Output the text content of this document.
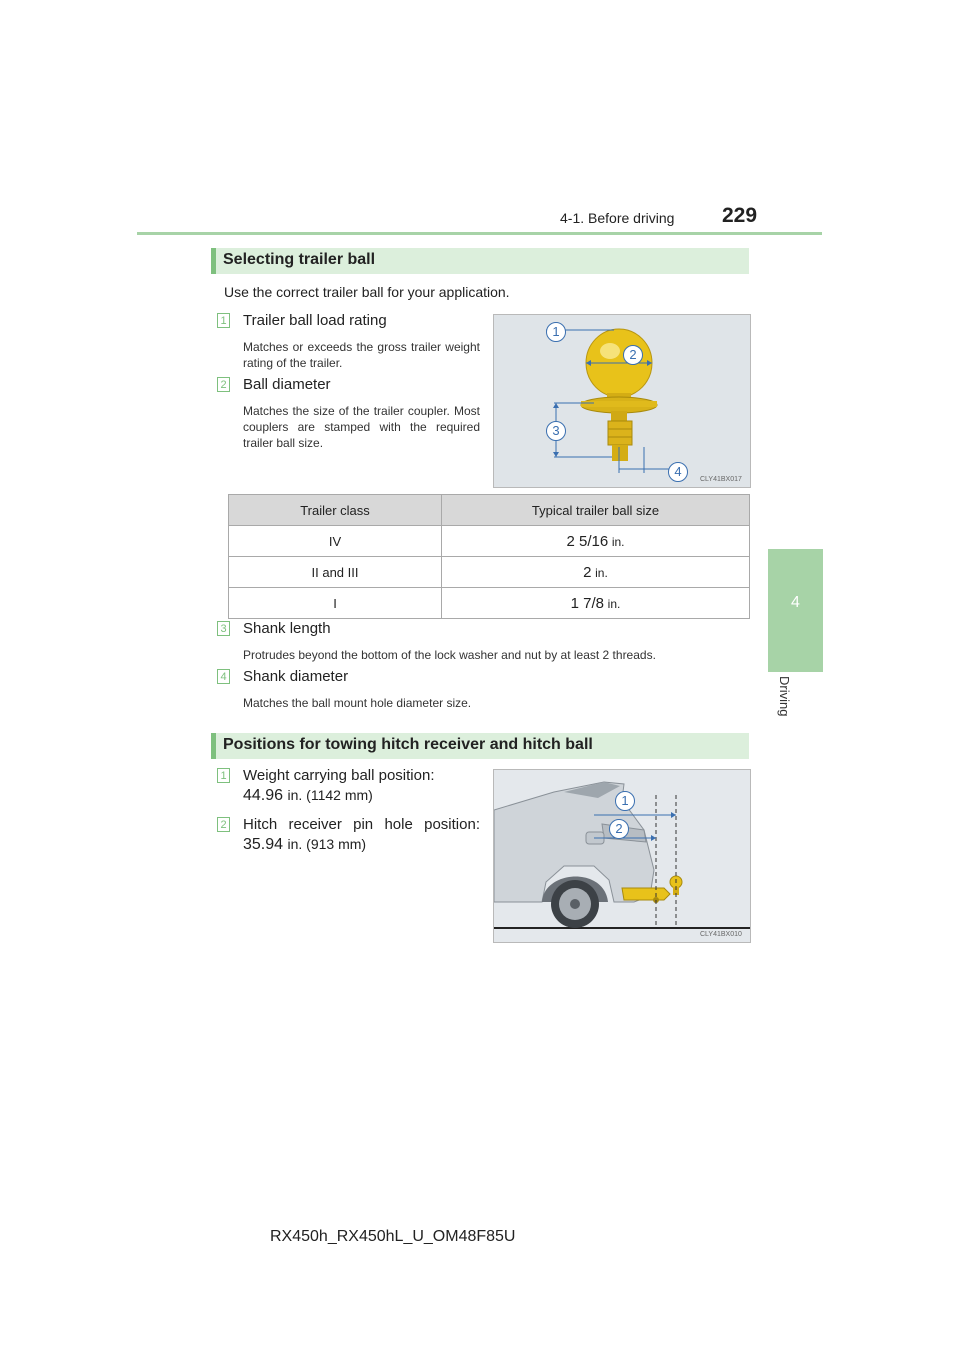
4-1. Before driving 229
4
Driving
Selecting trailer ball
Use the correct trailer ball for your application.
1 Trailer ball load rating
Matches or exceeds the gross trailer weight rating of the trailer.
2 Ball diameter
Matches the size of the trailer coupler. Most couplers are stamped with the required trailer ball size.
1
2
3
4
CLY41BX017
Trailer class	Typical trailer ball size
IV	2 5/16 in.
II and III	2 in.
I	1 7/8 in.
3 Shank length
Protrudes beyond the bottom of the lock washer and nut by at least 2 threads.
4 Shank diameter
Matches the ball mount hole diameter size.
Positions for towing hitch receiver and hitch ball
1 Weight carrying ball position:
44.96 in. (1142 mm)
2 Hitch receiver pin hole position:
35.94 in. (913 mm)
1
2
CLY41BX010
RX450h_RX450hL_U_OM48F85U
